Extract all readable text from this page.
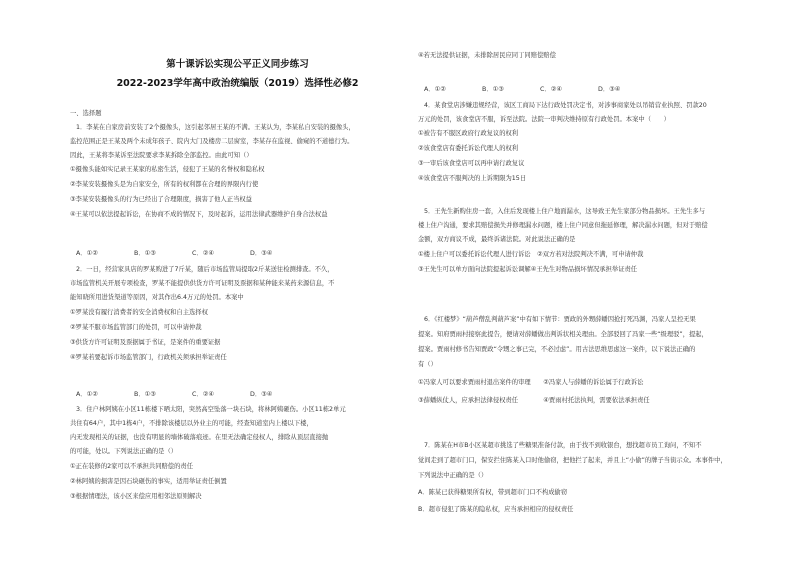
第十课诉讼实现公平正义同步练习
2022-2023学年高中政治统编版（2019）选择性必修2
一、选择题
1．李某在自家房前安装了2个摄像头，这引起邻居王某的不满。王某认为，李某私自安装的摄像头，
监控范围正是王某及两个未成年孩子、院内大门及楼房二层窗室，李某存在监视、偷窥的不道德行为。
因此，王某将李某诉至法院要求李某拆除全部监控。由此可知（）
①摄像头能如实记录王某家的私密生活，侵犯了王某的名誉权和隐私权
②李某安装摄像头是为自家安全，所有的权利都在合理的界限内行使
③李某安装摄像头的行为已经出了合理限度，损害了他人正当权益
④王某可以依法提起诉讼，在协商不成的情况下，及时起诉，运用法律武器维护自身合法权益
A．①②	B．①③	C．②④	D．③④
2．一日，经营家具店的罗某购进了7斤某，随后市场监管局提取2斤某送往检测排查。不久，
市场监管机关开展专项检查，罗某不能提供供货方许可证明及票据和某种能来某药来源信息，不
能知晓所用进货渠道等原因，对其作出6.4万元的处罚。本案中
①罗某没有履行消费者的安全消费权和自主选择权
②罗某不服市场监管部门的处罚，可以申请仲裁
③供货方许可证明及票据属于书证，是案件的重要证据
④罗某若要起诉市场监管部门，行政机关须承担举证责任
A．①②	B．①③	C．②④	D．③④
3．住户林阿姨在小区11栋楼下晒太阳，突然高空坠落一块石块，将林阿姨砸伤。小区11栋2单元
共住有64户，其中1栋4户，不排除该楼层以外业主的可能，经查知道室内上楼以下楼，
内无发现相关的证据，也没有明显的墙体破落痕迹。在里无法确定侵权人，排除从顶层直接抛
的可能，处以。下列说法正确的是（）
①正在装修的2家可以不承担共同赔偿的责任
②林阿姨的损害是因石块砸伤的事实，适用举证责任倒置
③根据情理法，该小区来偿应用相邻法原则解决
④若无法提供证据，未排除居民应同丁同赔偿赔偿
A．①②	B．①③	C．②④	D．③④
4．某食堂店涉嫌违规经营，该区工商局下达行政处罚决定书，对涉事商家处以吊销营业执照、罚款20
万元的处罚，该食堂店不服，诉至法院。法院一审判决维持原有行政处罚。本案中（　　）
①被告有不服区政府行政复议的权利
②该食堂店有委托诉讼代理人的权利
③一审后该食堂店可以再申请行政复议
④该食堂店不服判决的上诉期限为15日
5．王先生新购住房一套，入住后发现楼上住户地面漏水，这导致王先生家部分物品损坏。王先生多与
楼上住户沟通，要求其赔偿损失并修理漏水问题，楼上住户同意但拖延修理，解决漏水问题，但对于赔偿
金额，双方商议不成，最终诉诸法院。对此说法正确的是
①楼上住户可以委托诉讼代理人进行诉讼　②双方若对法院判决不满，可申请仲裁
③王先生可以单方面向法院提起诉讼调解④王先生对物品损坏情况承担举证责任
6．《红楼梦》“葫芦僧乱判葫芦案”中有如下情节：贾政的外甥薛蟠因抢打死冯渊，冯家人呈控无果
提案。知府贾雨村接察此提告，便请对薛蟠做出判诉状相关理由。全部驳回了冯家一些“级理驳”，提起，
提案。贾雨村修书告知贾政“令甥之事已完，不必过虑”。用古法思维思虑这一案件，以下说法正确的
有（）
①冯家人可以要求贾雨村退出案件的审理　　②冯家人与薛蟠的诉讼属于行政诉讼
③薛蟠纵仗人，应承担法律侵权责任　　　　④贾雨村托法执判，需要依法承担责任
7．陈某在H市B小区某超市挑选了些糖果准备付款，由于找不到收银台，想找超市员工询问，不知不
觉间走到了超市门口，保安拦住陈某入口时他偷窃，把他拦了起来，并且上“小偷”的牌子当街示众。本事件中，
下列说法中正确的是（）
A．陈某已获得糖果所有权，带到超市门口不构成偷窃
B．超市侵犯了陈某的隐私权，应当承担相应的侵权责任
